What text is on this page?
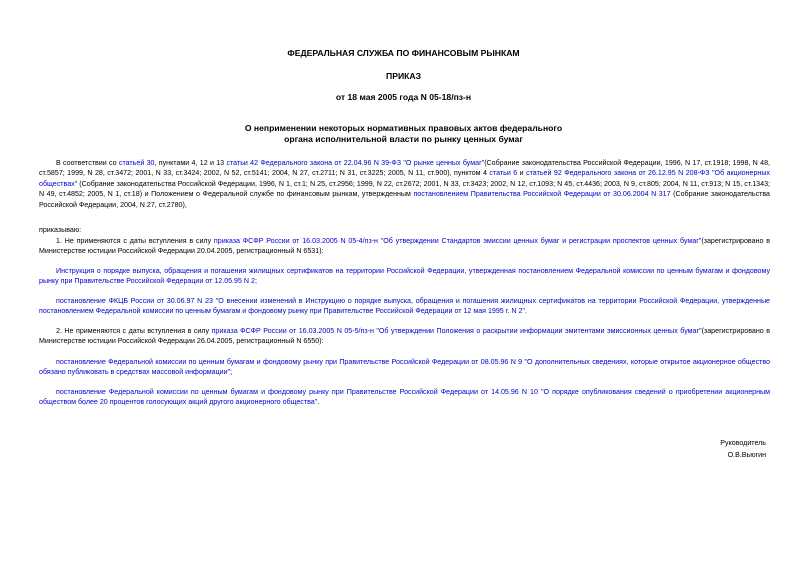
ФЕДЕРАЛЬНАЯ СЛУЖБА ПО ФИНАНСОВЫМ РЫНКАМ
ПРИКАЗ
от 18 мая 2005 года N 05-18/пз-н
О неприменении некоторых нормативных правовых актов федерального
органа исполнительной власти по рынку ценных бумаг
В соответствии со статьей 30, пунктами 4, 12 и 13 статьи 42 Федерального закона от 22.04.96 N 39-ФЗ "О рынке ценных бумаг"(Собрание законодательства Российской Федерации, 1996, N 17, ст.1918; 1998, N 48, ст.5857; 1999, N 28, ст.3472; 2001, N 33, ст.3424; 2002, N 52, ст.5141; 2004, N 27, ст.2711; N 31, ст.3225; 2005, N 11, ст.900), пунктом 4 статьи 6 и статьей 92 Федерального закона от 26.12.95 N 208-ФЗ "Об акционерных обществах" (Собрание законодательства Российской Федерации, 1996, N 1, ст.1; N 25, ст.2956; 1999, N 22, ст.2672; 2001, N 33, ст.3423; 2002, N 12, ст.1093; N 45, ст.4436; 2003, N 9, ст.805; 2004, N 11, ст.913; N 15, ст.1343; N 49, ст.4852; 2005, N 1, ст.18) и Положением о Федеральной службе по финансовым рынкам, утвержденным постановлением Правительства Российской Федерации от 30.06.2004 N 317 (Собрание законодательства Российской Федерации, 2004, N 27, ст.2780),
приказываю:
1. Не применяются с даты вступления в силу приказа ФСФР России от 16.03.2005 N 05-4/пз-н "Об утверждении Стандартов эмиссии ценных бумаг и регистрации проспектов ценных бумаг"(зарегистрировано в Министерстве юстиции Российской Федерации 20.04.2005, регистрационный N 6531):
Инструкция о порядке выпуска, обращения и погашения жилищных сертификатов на территории Российской Федерации, утвержденная постановлением Федеральной комиссии по ценным бумагам и фондовому рынку при Правительстве Российской Федерации от 12.05.95 N 2;
постановление ФКЦБ России от 30.06.97 N 23 "О внесении изменений в Инструкцию о порядке выпуска, обращения и погашения жилищных сертификатов на территории Российской Федерации, утвержденные постановлением Федеральной комиссии по ценным бумагам и фондовому рынку при Правительстве Российской Федерации от 12 мая 1995 г. N 2".
2. Не применяются с даты вступления в силу приказа ФСФР России от 16.03.2005 N 05-5/пз-н "Об утверждении Положения о раскрытии информации эмитентами эмиссионных ценных бумаг"(зарегистрировано в Министерстве юстиции Российской Федерации 26.04.2005, регистрационный N 6550):
постановление Федеральной комиссии по ценным бумагам и фондовому рынку при Правительстве Российской Федерации от 08.05.96 N 9 "О дополнительных сведениях, которые открытое акционерное общество обязано публиковать в средствах массовой информации";
постановление Федеральной комиссии по ценным бумагам и фондовому рынку при Правительстве Российской Федерации от 14.05.96 N 10 "О порядке опубликования сведений о приобретении акционерным обществом более 20 процентов голосующих акций другого акционерного общества".
Руководитель
О.В.Вьюгин
